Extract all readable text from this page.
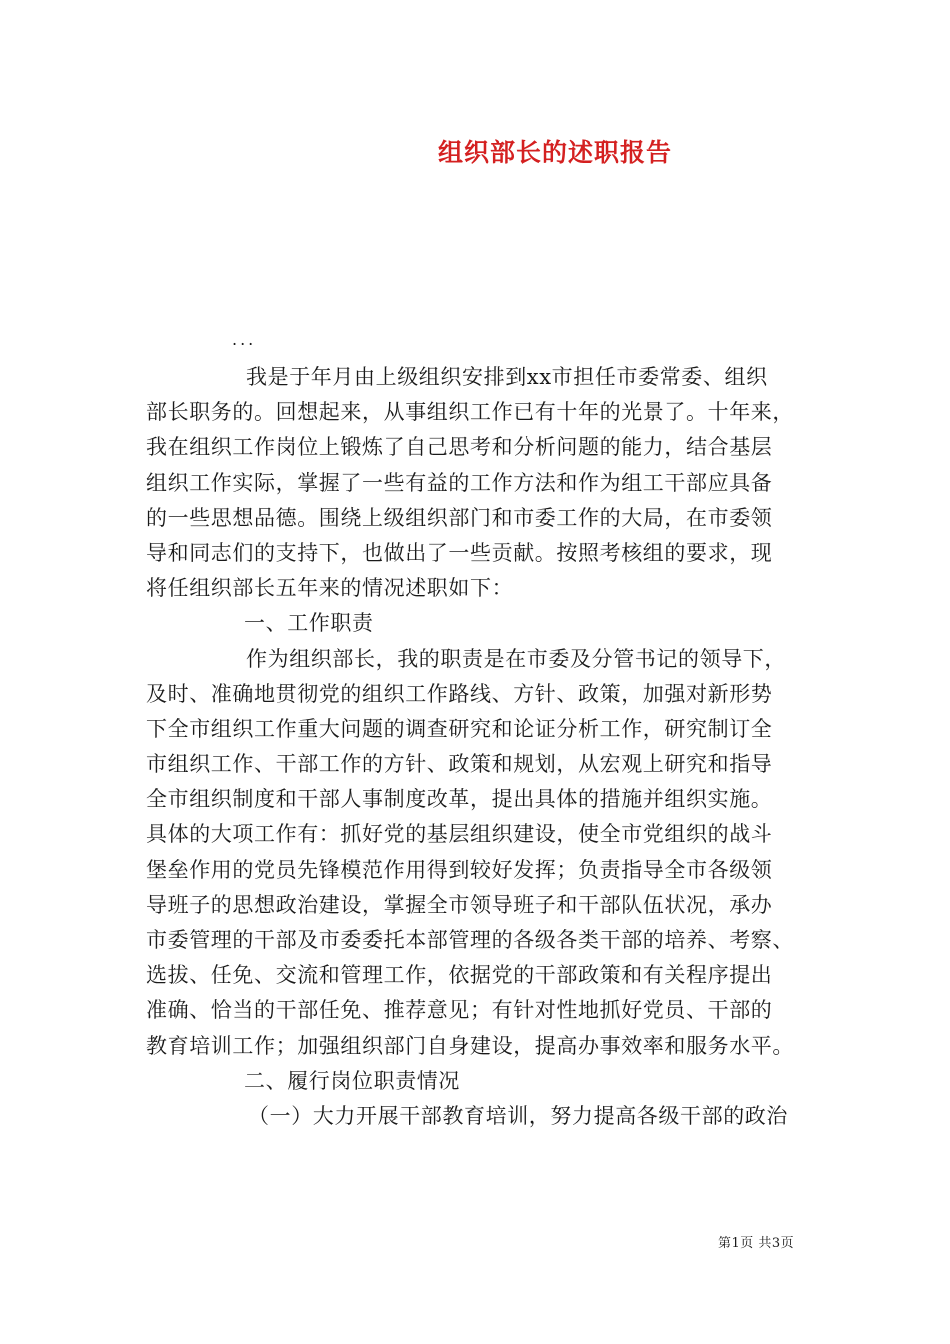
组织部长的述职报告
...
我是于年月由上级组织安排到xx市担任市委常委、组织
部长职务的。回想起来，从事组织工作已有十年的光景了。十年来，
我在组织工作岗位上锻炼了自己思考和分析问题的能力，结合基层
组织工作实际，掌握了一些有益的工作方法和作为组工干部应具备
的一些思想品德。围绕上级组织部门和市委工作的大局，在市委领
导和同志们的支持下，也做出了一些贡献。按照考核组的要求，现
将任组织部长五年来的情况述职如下：
一、工作职责
作为组织部长，我的职责是在市委及分管书记的领导下，
及时、准确地贯彻党的组织工作路线、方针、政策，加强对新形势
下全市组织工作重大问题的调查研究和论证分析工作，研究制订全
市组织工作、干部工作的方针、政策和规划，从宏观上研究和指导
全市组织制度和干部人事制度改革，提出具体的措施并组织实施。
具体的大项工作有：抓好党的基层组织建设，使全市党组织的战斗
堡垒作用的党员先锋模范作用得到较好发挥；负责指导全市各级领
导班子的思想政治建设，掌握全市领导班子和干部队伍状况，承办
市委管理的干部及市委委托本部管理的各级各类干部的培养、考察、
选拔、任免、交流和管理工作，依据党的干部政策和有关程序提出
准确、恰当的干部任免、推荐意见；有针对性地抓好党员、干部的
教育培训工作；加强组织部门自身建设，提高办事效率和服务水平。
二、履行岗位职责情况
（一）大力开展干部教育培训，努力提高各级干部的政治
第1页 共3页
